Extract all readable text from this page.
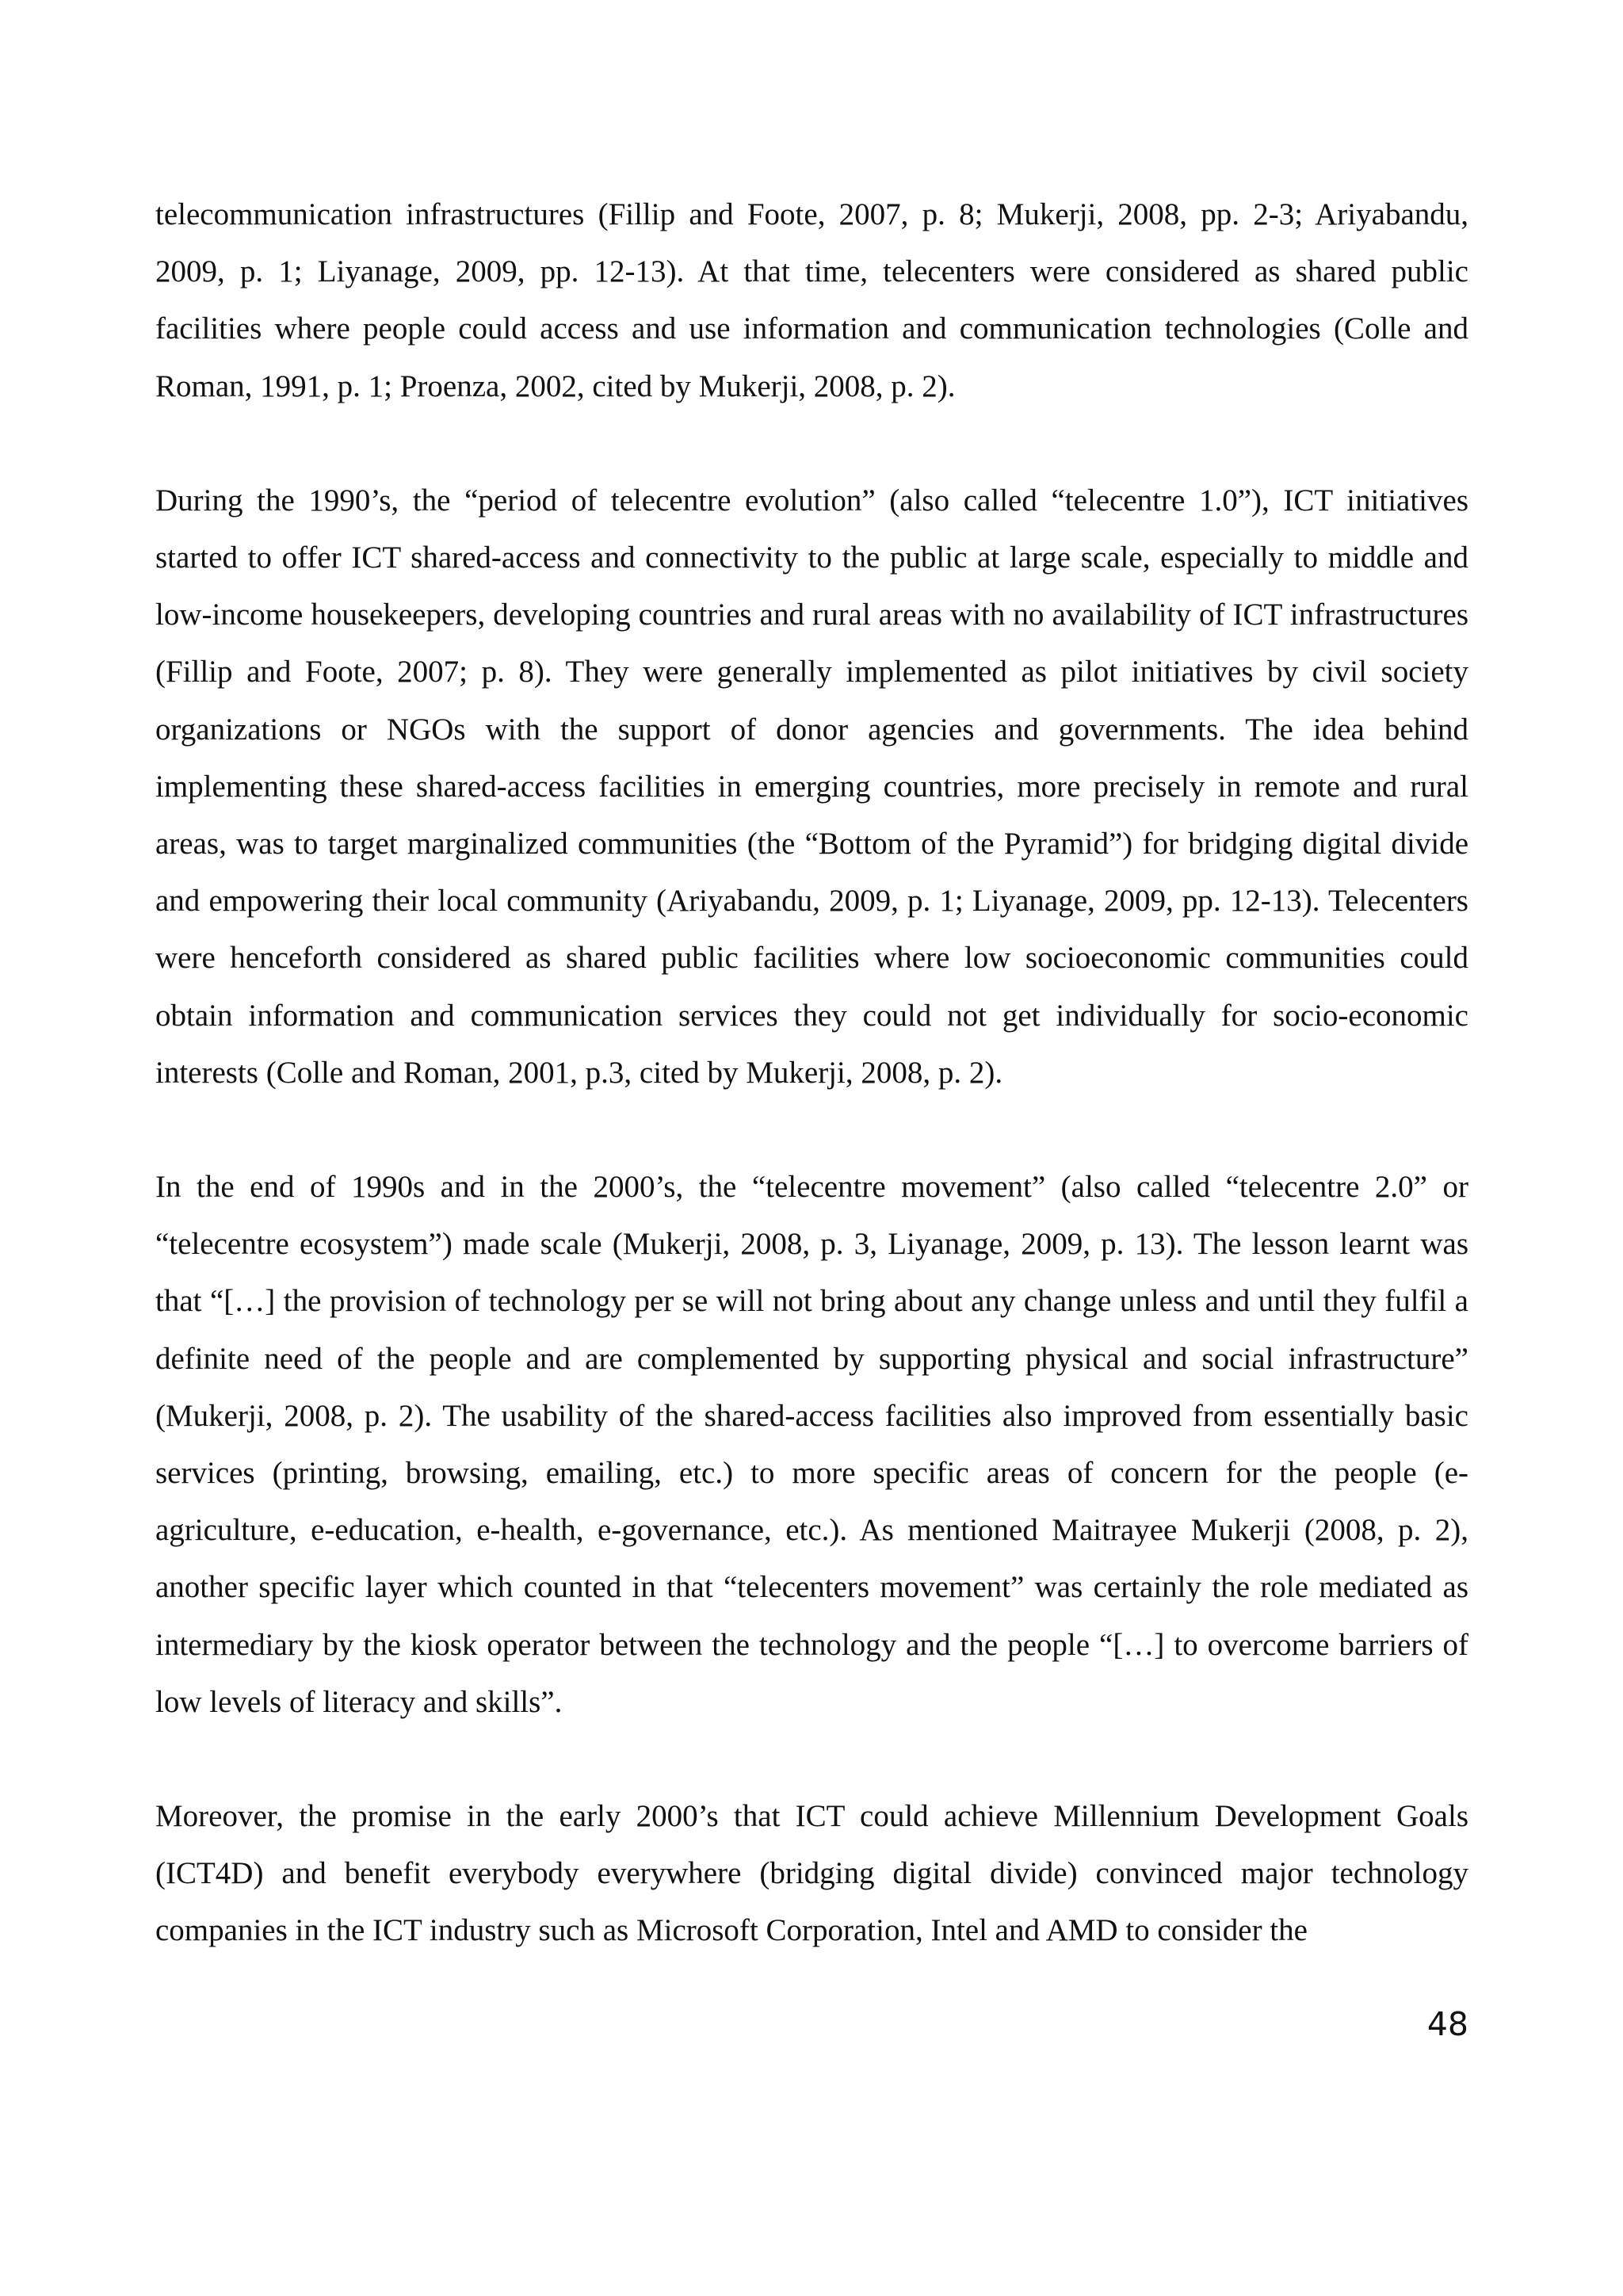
telecommunication infrastructures (Fillip and Foote, 2007, p. 8; Mukerji, 2008, pp. 2-3; Ariyabandu, 2009, p. 1; Liyanage, 2009, pp. 12-13). At that time, telecenters were considered as shared public facilities where people could access and use information and communication technologies (Colle and Roman, 1991, p. 1; Proenza, 2002, cited by Mukerji, 2008, p. 2).

During the 1990’s, the “period of telecentre evolution” (also called “telecentre 1.0”), ICT initiatives started to offer ICT shared-access and connectivity to the public at large scale, especially to middle and low-income housekeepers, developing countries and rural areas with no availability of ICT infrastructures (Fillip and Foote, 2007; p. 8). They were generally implemented as pilot initiatives by civil society organizations or NGOs with the support of donor agencies and governments. The idea behind implementing these shared-access facilities in emerging countries, more precisely in remote and rural areas, was to target marginalized communities (the “Bottom of the Pyramid”) for bridging digital divide and empowering their local community (Ariyabandu, 2009, p. 1; Liyanage, 2009, pp. 12-13). Telecenters were henceforth considered as shared public facilities where low socioeconomic communities could obtain information and communication services they could not get individually for socio-economic interests (Colle and Roman, 2001, p.3, cited by Mukerji, 2008, p. 2).

In the end of 1990s and in the 2000’s, the “telecentre movement” (also called “telecentre 2.0” or “telecentre ecosystem”) made scale (Mukerji, 2008, p. 3, Liyanage, 2009, p. 13). The lesson learnt was that “[…] the provision of technology per se will not bring about any change unless and until they fulfil a definite need of the people and are complemented by supporting physical and social infrastructure” (Mukerji, 2008, p. 2). The usability of the shared-access facilities also improved from essentially basic services (printing, browsing, emailing, etc.) to more specific areas of concern for the people (e-agriculture, e-education, e-health, e-governance, etc.). As mentioned Maitrayee Mukerji (2008, p. 2), another specific layer which counted in that “telecenters movement” was certainly the role mediated as intermediary by the kiosk operator between the technology and the people “[…] to overcome barriers of low levels of literacy and skills”.

Moreover, the promise in the early 2000’s that ICT could achieve Millennium Development Goals (ICT4D) and benefit everybody everywhere (bridging digital divide) convinced major technology companies in the ICT industry such as Microsoft Corporation, Intel and AMD to consider the

48
